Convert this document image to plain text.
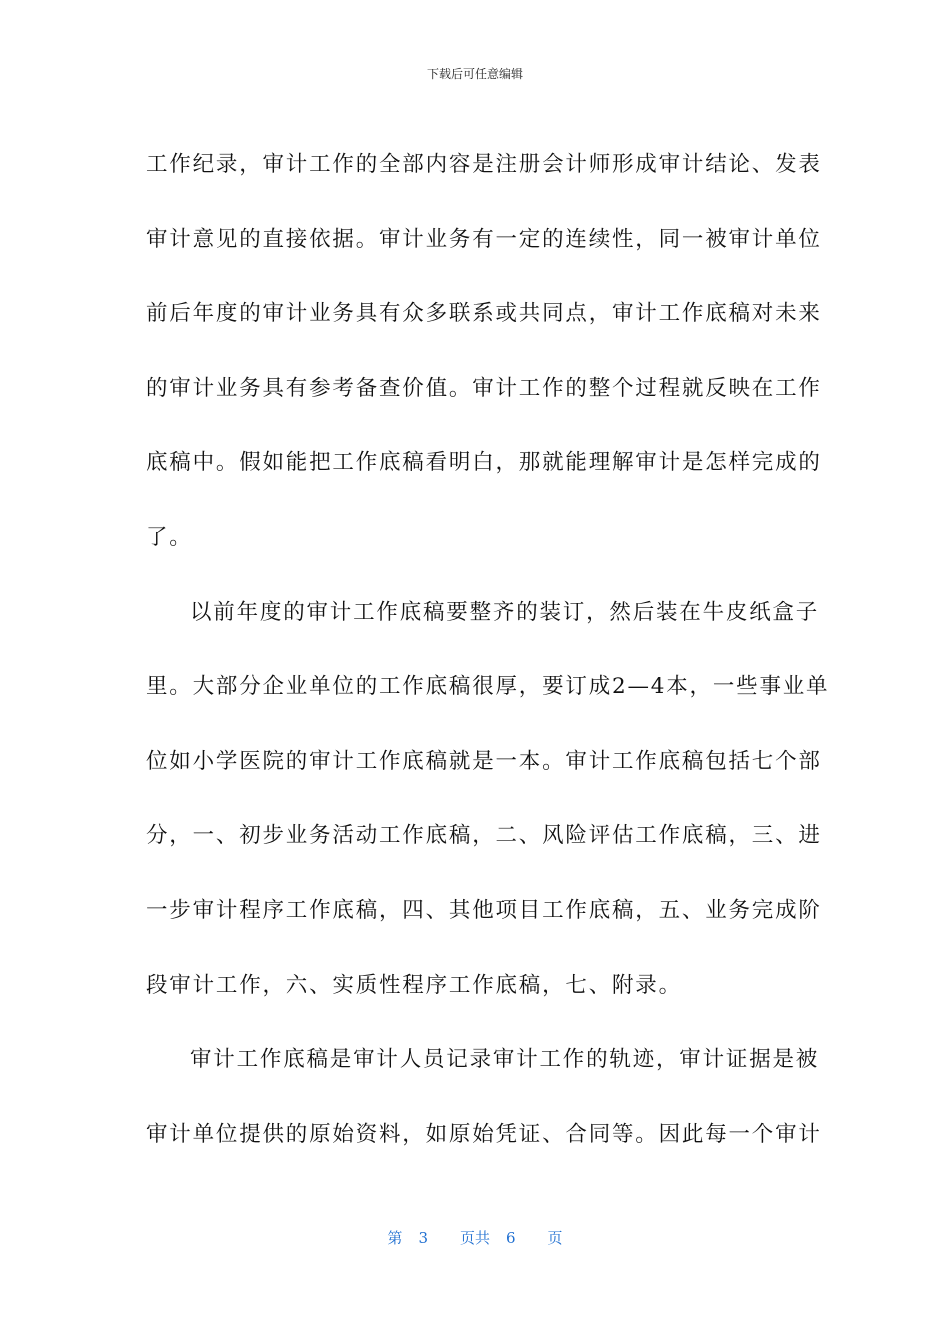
下载后可任意编辑
工作纪录，审计工作的全部内容是注册会计师形成审计结论、发表
审计意见的直接依据。审计业务有一定的连续性，同一被审计单位
前后年度的审计业务具有众多联系或共同点，审计工作底稿对未来
的审计业务具有参考备查价值。审计工作的整个过程就反映在工作
底稿中。假如能把工作底稿看明白，那就能理解审计是怎样完成的
了。
以前年度的审计工作底稿要整齐的装订，然后装在牛皮纸盒子
里。大部分企业单位的工作底稿很厚，要订成2—4本，一些事业单
位如小学医院的审计工作底稿就是一本。审计工作底稿包括七个部
分，一、初步业务活动工作底稿，二、风险评估工作底稿，三、进
一步审计程序工作底稿，四、其他项目工作底稿，五、业务完成阶
段审计工作，六、实质性程序工作底稿，七、附录。
审计工作底稿是审计人员记录审计工作的轨迹，审计证据是被
审计单位提供的原始资料，如原始凭证、合同等。因此每一个审计
第 3 页共 6 页
